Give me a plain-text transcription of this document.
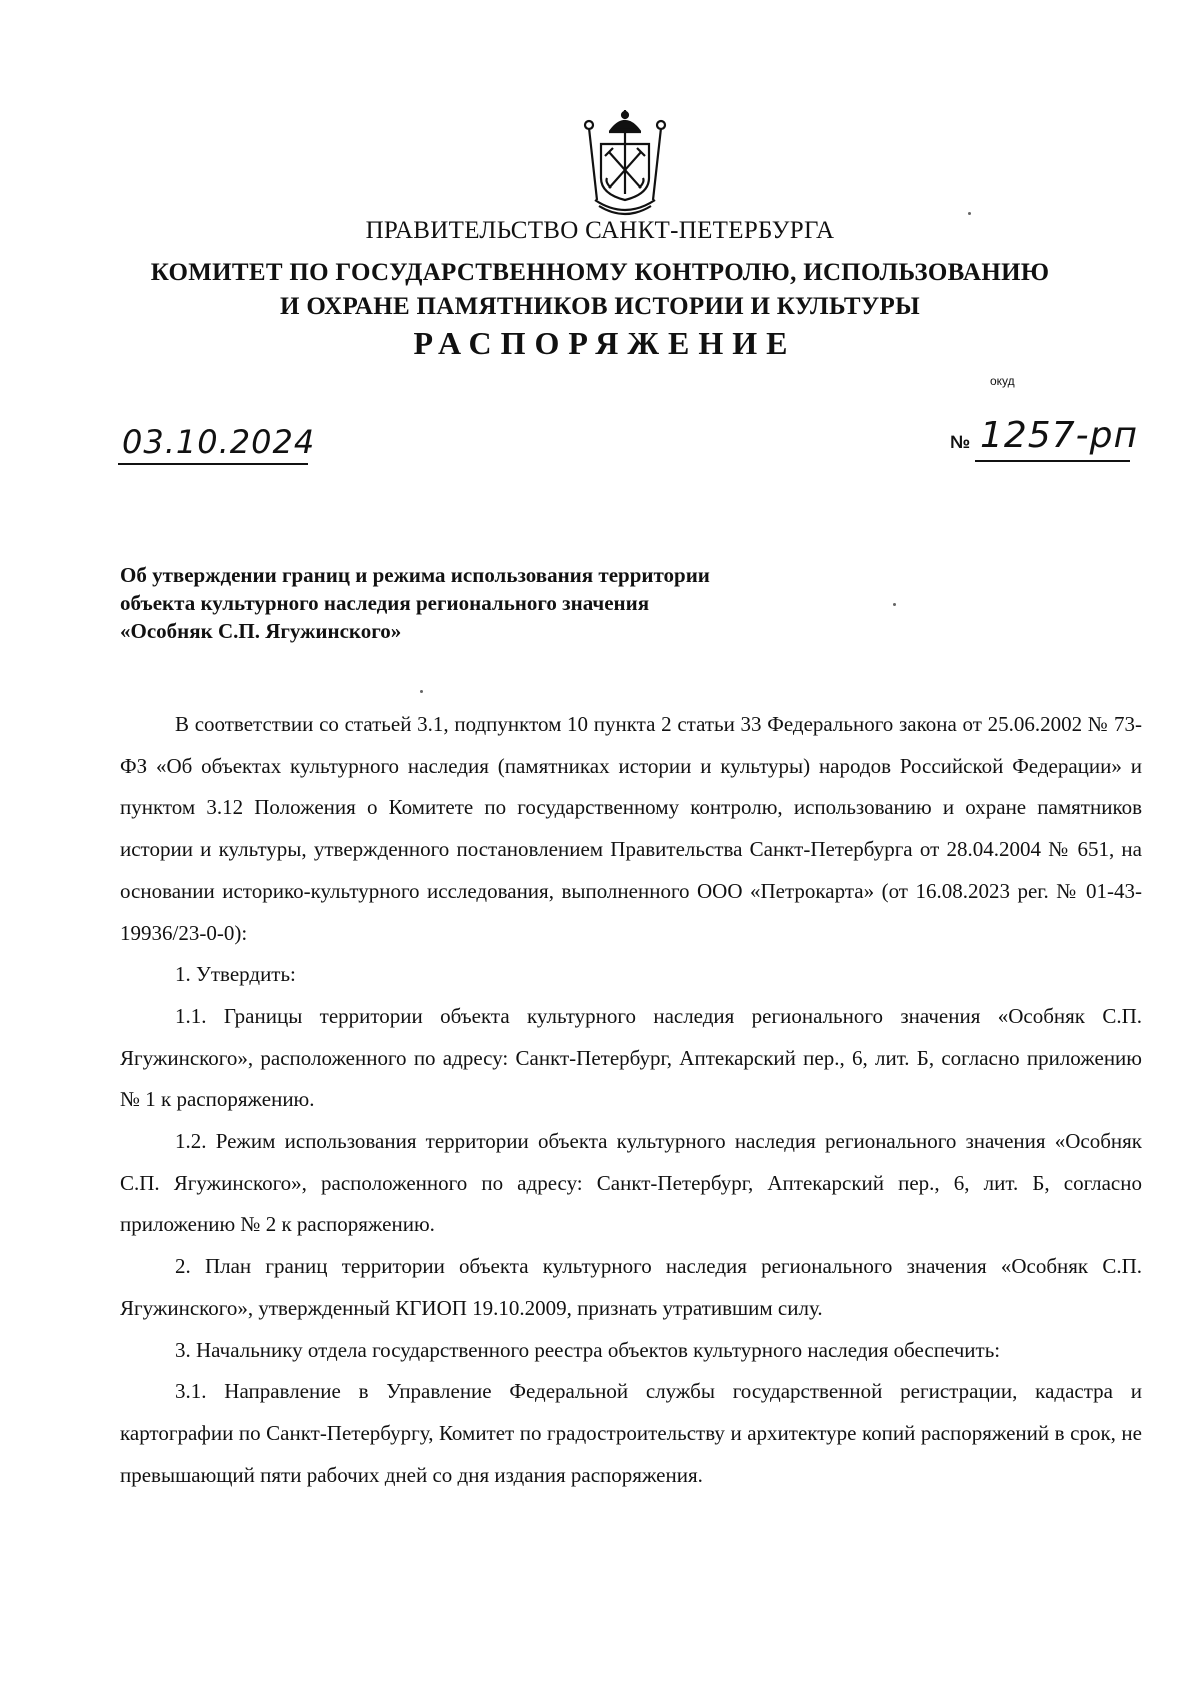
ПРАВИТЕЛЬСТВО САНКТ-ПЕТЕРБУРГА
КОМИТЕТ ПО ГОСУДАРСТВЕННОМУ КОНТРОЛЮ, ИСПОЛЬЗОВАНИЮ
И ОХРАНЕ ПАМЯТНИКОВ ИСТОРИИ И КУЛЬТУРЫ
РАСПОРЯЖЕНИЕ
окуд
03.10.2024	№ 1257-рп
Об утверждении границ и режима использования территории
объекта культурного наследия регионального значения
«Особняк С.П. Ягужинского»

В соответствии со статьей 3.1, подпунктом 10 пункта 2 статьи 33 Федерального закона от 25.06.2002 № 73-ФЗ «Об объектах культурного наследия (памятниках истории и культуры) народов Российской Федерации» и пунктом 3.12 Положения о Комитете по государственному контролю, использованию и охране памятников истории и культуры, утвержденного постановлением Правительства Санкт-Петербурга от 28.04.2004 № 651, на основании историко-культурного исследования, выполненного ООО «Петрокарта» (от 16.08.2023 рег. № 01-43-19936/23-0-0):

1. Утвердить:

1.1. Границы территории объекта культурного наследия регионального значения «Особняк С.П. Ягужинского», расположенного по адресу: Санкт-Петербург, Аптекарский пер., 6, лит. Б, согласно приложению № 1 к распоряжению.

1.2. Режим использования территории объекта культурного наследия регионального значения «Особняк С.П. Ягужинского», расположенного по адресу: Санкт-Петербург, Аптекарский пер., 6, лит. Б, согласно приложению № 2 к распоряжению.

2. План границ территории объекта культурного наследия регионального значения «Особняк С.П. Ягужинского», утвержденный КГИОП 19.10.2009, признать утратившим силу.

3. Начальнику отдела государственного реестра объектов культурного наследия обеспечить:

3.1. Направление в Управление Федеральной службы государственной регистрации, кадастра и картографии по Санкт-Петербургу, Комитет по градостроительству и архитектуре копий распоряжений в срок, не превышающий пяти рабочих дней со дня издания распоряжения.
